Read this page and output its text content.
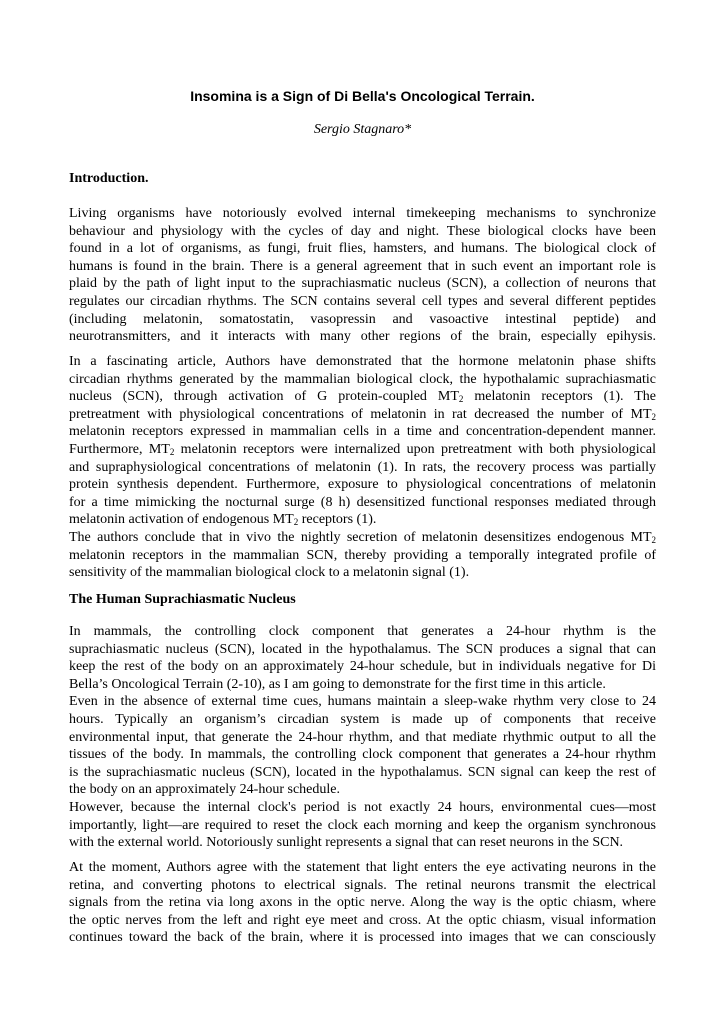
Insomina is a Sign of Di Bella's Oncological Terrain.
Sergio Stagnaro*
Introduction.
Living organisms have notoriously evolved internal timekeeping mechanisms to synchronize
behaviour and physiology with the cycles of day and night. These biological clocks have been
found in a lot of organisms, as fungi, fruit flies, hamsters, and humans. The biological clock of
humans is found in the brain. There is a general agreement that in such event an important role is
plaid by the path of light input to the suprachiasmatic nucleus (SCN), a collection of neurons that
regulates our circadian rhythms. The SCN contains several cell types and several different peptides
(including melatonin, somatostatin, vasopressin and vasoactive intestinal peptide) and
neurotransmitters, and it interacts with many other regions of the brain, especially epihysis.
In a fascinating article, Authors have demonstrated that the hormone melatonin phase shifts
circadian rhythms generated by the mammalian biological clock, the hypothalamic suprachiasmatic
nucleus (SCN), through activation of G protein-coupled $MT_2$ melatonin receptors (1). The
pretreatment with physiological concentrations of melatonin in rat decreased the number of $MT_2$
melatonin receptors expressed in mammalian cells in a time and concentration-dependent manner.
Furthermore, $MT_2$ melatonin receptors were internalized upon pretreatment with both physiological
and supraphysiological concentrations of melatonin (1). In rats, the recovery process was partially
protein synthesis dependent. Furthermore, exposure to physiological concentrations of melatonin
for a time mimicking the nocturnal surge (8 h) desensitized functional responses mediated through
melatonin activation of endogenous $MT_2$ receptors (1).
The authors conclude that in vivo the nightly secretion of melatonin desensitizes endogenous $MT_2$
melatonin receptors in the mammalian SCN, thereby providing a temporally integrated profile of
sensitivity of the mammalian biological clock to a melatonin signal (1).
The Human Suprachiasmatic Nucleus
In mammals, the controlling clock component that generates a 24-hour rhythm is the
suprachiasmatic nucleus (SCN), located in the hypothalamus. The SCN produces a signal that can
keep the rest of the body on an approximately 24-hour schedule, but in individuals negative for Di
Bella’s Oncological Terrain (2-10), as I am going to demonstrate for the first time in this article.
Even in the absence of external time cues, humans maintain a sleep-wake rhythm very close to 24
hours. Typically an organism’s circadian system is made up of components that receive
environmental input, that generate the 24-hour rhythm, and that mediate rhythmic output to all the
tissues of the body. In mammals, the controlling clock component that generates a 24-hour rhythm
is the suprachiasmatic nucleus (SCN), located in the hypothalamus. SCN signal can keep the rest of
the body on an approximately 24-hour schedule.
However, because the internal clock's period is not exactly 24 hours, environmental cues—most
importantly, light—are required to reset the clock each morning and keep the organism synchronous
with the external world. Notoriously sunlight represents a signal that can reset neurons in the SCN.
At the moment, Authors agree with the statement that light enters the eye activating neurons in the
retina, and converting photons to electrical signals. The retinal neurons transmit the electrical
signals from the retina via long axons in the optic nerve. Along the way is the optic chiasm, where
the optic nerves from the left and right eye meet and cross. At the optic chiasm, visual information
continues toward the back of the brain, where it is processed into images that we can consciously
